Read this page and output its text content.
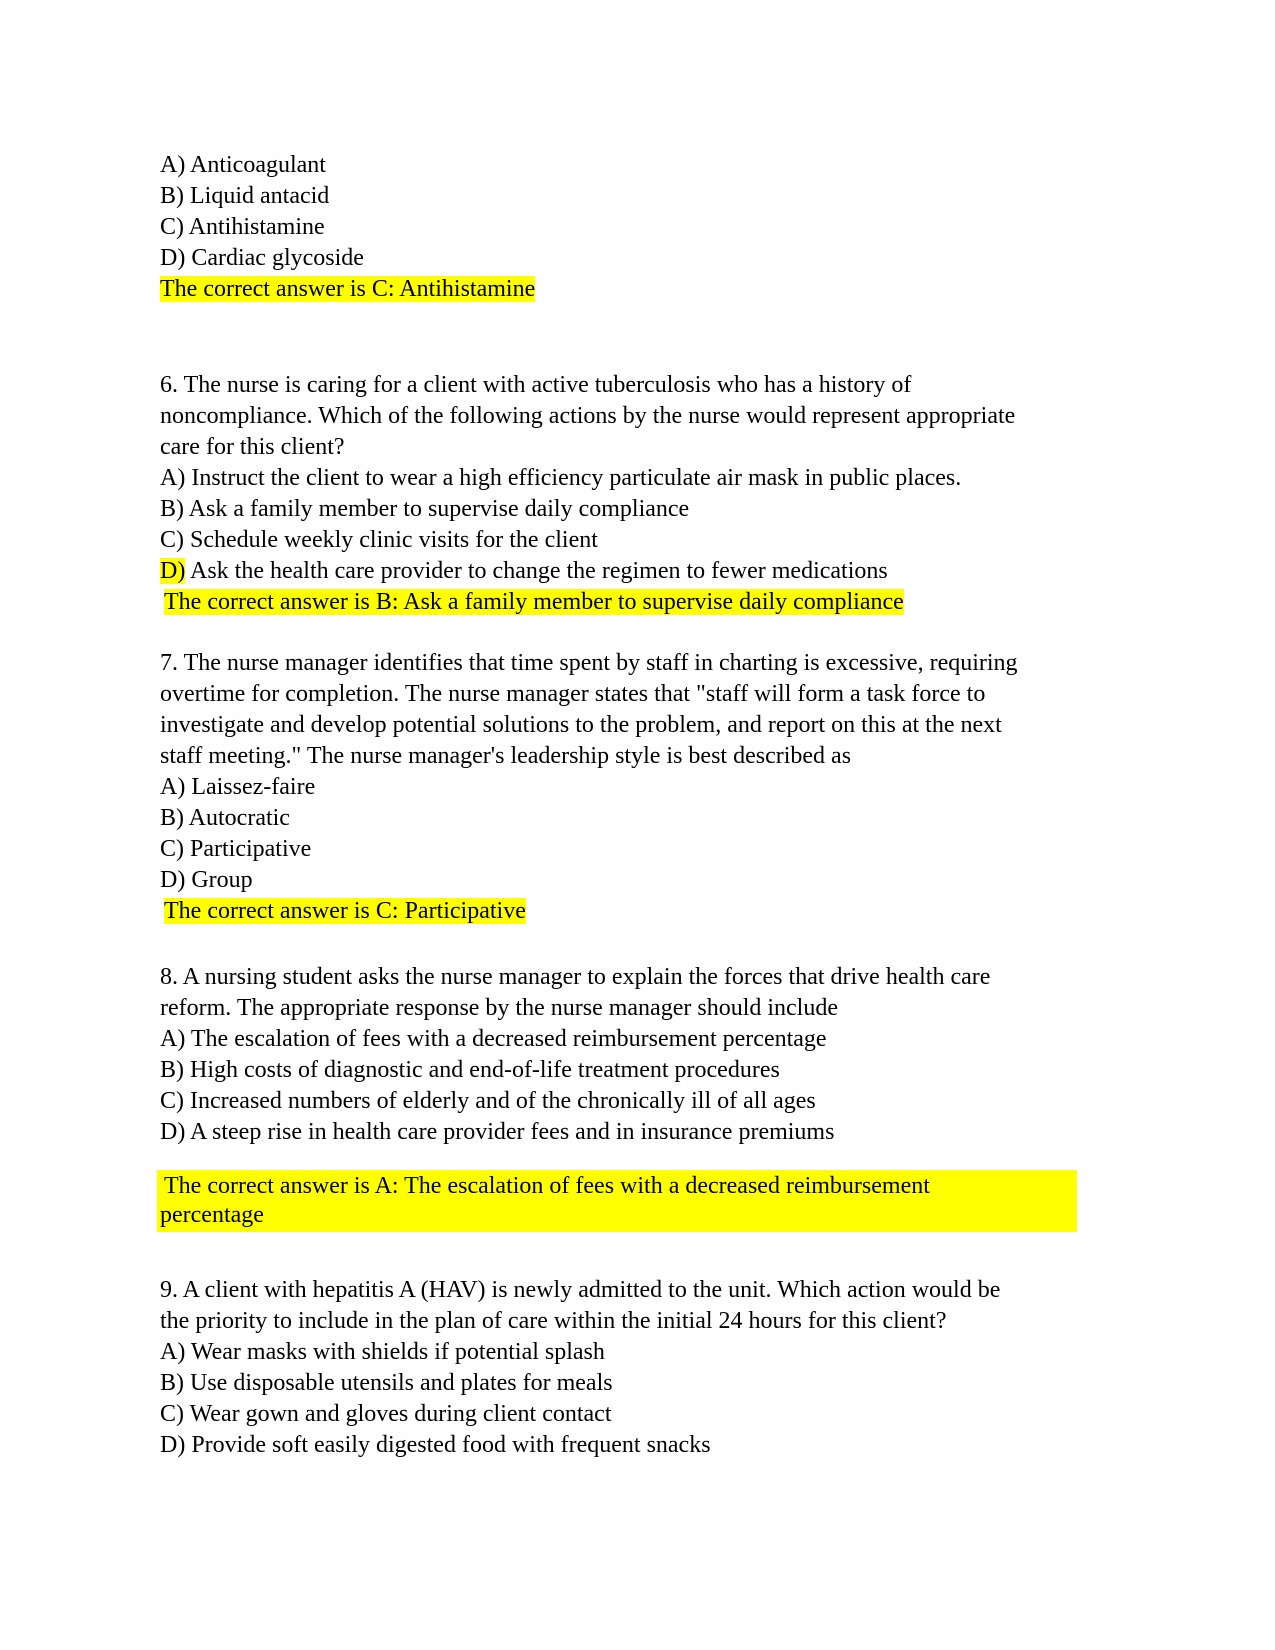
A) Anticoagulant
B) Liquid antacid
C) Antihistamine
D) Cardiac glycoside
The correct answer is C: Antihistamine
6. The nurse is caring for a client with active tuberculosis who has a history of
noncompliance. Which of the following actions by the nurse would represent appropriate
care for this client?
A) Instruct the client to wear a high efficiency particulate air mask in public places.
B) Ask a family member to supervise daily compliance
C) Schedule weekly clinic visits for the client
D) Ask the health care provider to change the regimen to fewer medications
The correct answer is B: Ask a family member to supervise daily compliance
7. The nurse manager identifies that time spent by staff in charting is excessive, requiring
overtime for completion. The nurse manager states that "staff will form a task force to
investigate and develop potential solutions to the problem, and report on this at the next
staff meeting." The nurse manager's leadership style is best described as
A) Laissez-faire
B) Autocratic
C) Participative
D) Group
The correct answer is C: Participative
8. A nursing student asks the nurse manager to explain the forces that drive health care
reform. The appropriate response by the nurse manager should include
A) The escalation of fees with a decreased reimbursement percentage
B) High costs of diagnostic and end-of-life treatment procedures
C) Increased numbers of elderly and of the chronically ill of all ages
D) A steep rise in health care provider fees and in insurance premiums
The correct answer is A: The escalation of fees with a decreased reimbursement
percentage
9. A client with hepatitis A (HAV) is newly admitted to the unit. Which action would be
the priority to include in the plan of care within the initial 24 hours for this client?
A) Wear masks with shields if potential splash
B) Use disposable utensils and plates for meals
C) Wear gown and gloves during client contact
D) Provide soft easily digested food with frequent snacks
